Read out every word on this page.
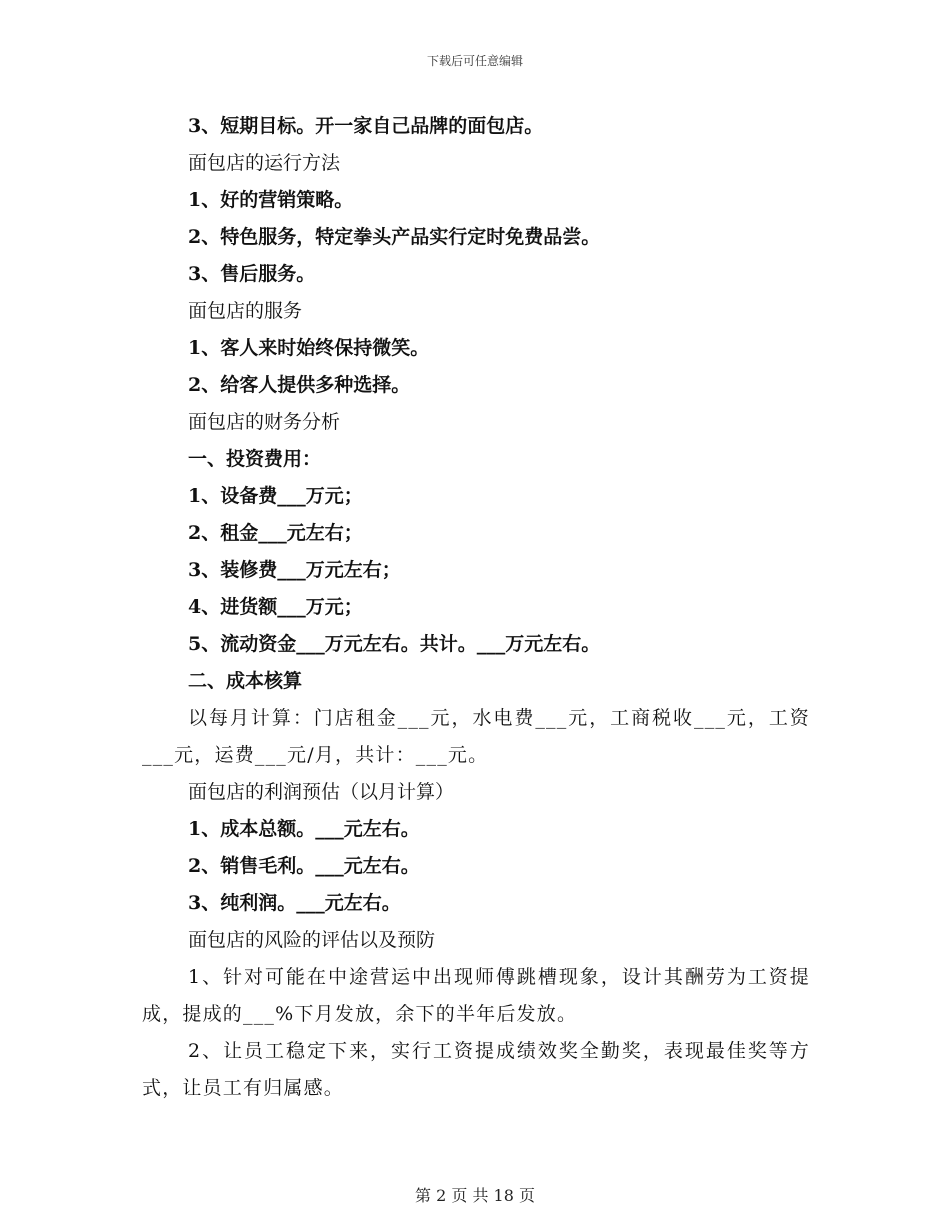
下载后可任意编辑
3、短期目标。开一家自己品牌的面包店。
面包店的运行方法
1、好的营销策略。
2、特色服务，特定拳头产品实行定时免费品尝。
3、售后服务。
面包店的服务
1、客人来时始终保持微笑。
2、给客人提供多种选择。
面包店的财务分析
一、投资费用：
1、设备费___万元；
2、租金___元左右；
3、装修费___万元左右；
4、进货额___万元；
5、流动资金___万元左右。共计。___万元左右。
二、成本核算
以每月计算：门店租金___元，水电费___元，工商税收___元，工资___元，运费___元/月，共计：___元。
面包店的利润预估（以月计算）
1、成本总额。___元左右。
2、销售毛利。___元左右。
3、纯利润。___元左右。
面包店的风险的评估以及预防
1、针对可能在中途营运中出现师傅跳槽现象，设计其酬劳为工资提成，提成的___%下月发放，余下的半年后发放。
2、让员工稳定下来，实行工资提成绩效奖全勤奖，表现最佳奖等方式，让员工有归属感。
第 2 页 共 18 页
